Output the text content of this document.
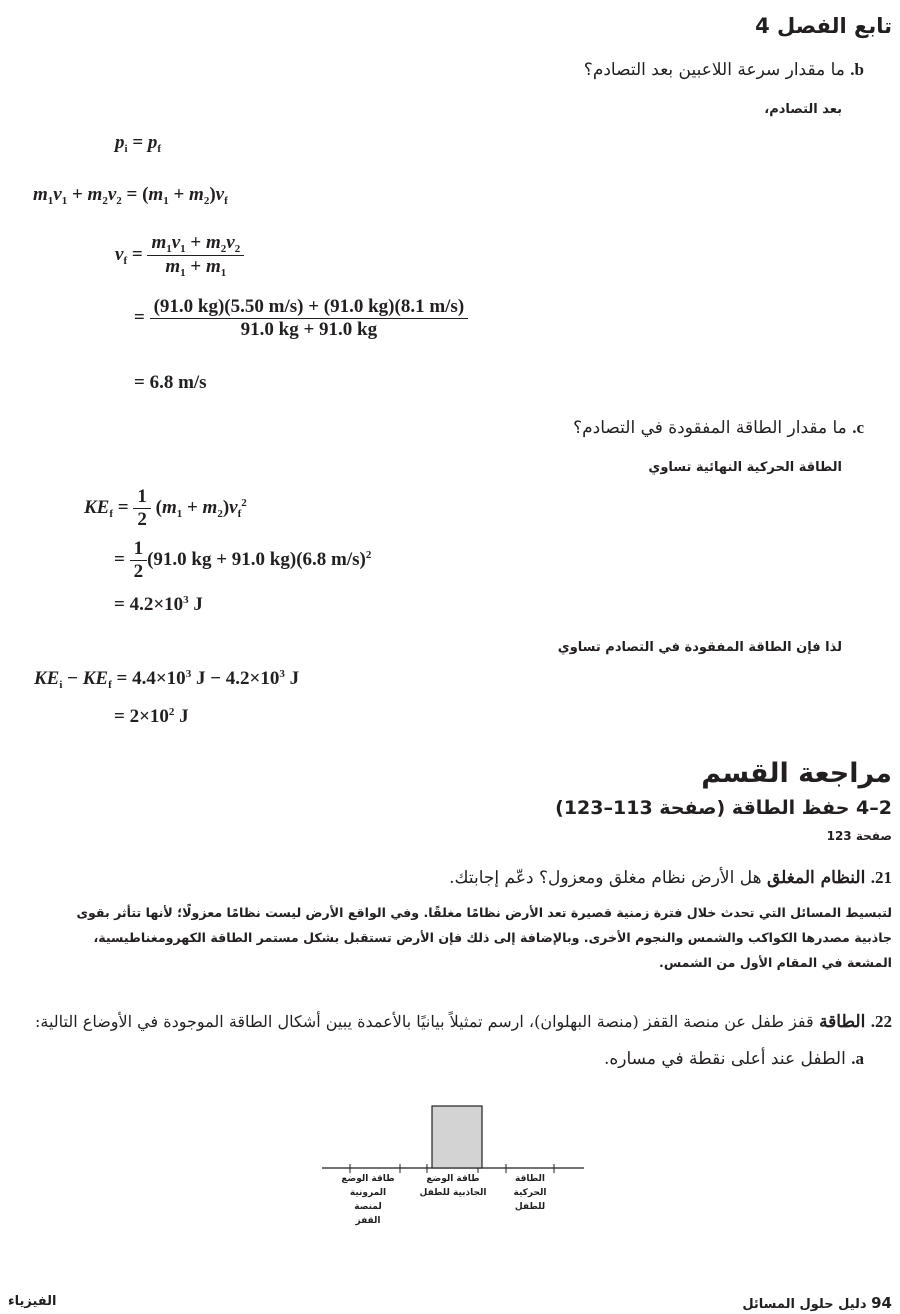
تابع الفصل 4
b. ما مقدار سرعة اللاعبين بعد التصادم؟
بعد التصادم،
$p_i = p_f$
$m_1v_1 + m_2v_2 = (m_1 + m_2)v_f$
$v_f = \frac{m_1v_1 + m_2v_2}{m_1 + m_1}$
= $\frac{(91.0 kg)(5.50 m/s) + (91.0 kg)(8.1 m/s)}{91.0 kg + 91.0 kg}$
= 6.8 m/s
c. ما مقدار الطاقة المفقودة في التصادم؟
الطاقة الحركية النهائية تساوي
$KE_f = \frac{1}{2} (m_1 + m_2)v_f^2$
= $\frac{1}{2} (91.0$ kg + 91.0 kg)(6.8 m/s)$^2$
= $4.2\times 10^3$ J
لذا فإن الطاقة المفقودة في التصادم تساوي
$KE_i - KE_f = 4.4\times 10^3$ $J - 4.2\times 10^3$ J
= $2\times 10^2$ J
مراجعة القسم
2–4 حفظ الطاقة (صفحة 113–123)
صفحة 123
21. النظام المغلق هل الأرض نظام مغلق ومعزول؟ دعّم إجابتك.
لتبسيط المسائل التي تحدث خلال فترة زمنية قصيرة تعد الأرض نظامًا مغلقًا. وفي الواقع الأرض ليست نظامًا معزولًا؛ لأنها تتأثر بقوى
جاذبية مصدرها الكواكب والشمس والنجوم الأخرى. وبالإضافة إلى ذلك فإن الأرض تستقبل بشكل مستمر الطاقة الكهرومغناطيسية،
المشعة في المقام الأول من الشمس.
22. الطاقة قفز طفل عن منصة القفز (منصة البهلوان)، ارسم تمثيلاً بيانيًا بالأعمدة يبين أشكال الطاقة الموجودة في الأوضاع التالية:
a. الطفل عند أعلى نقطة في مساره.
طاقة الوضع المرونية لمنصة القفز
طاقة الوضع الجاذبية للطفل
الطاقة الحركية للطفل
94 دليل حلول المسائل
الفيزياء
